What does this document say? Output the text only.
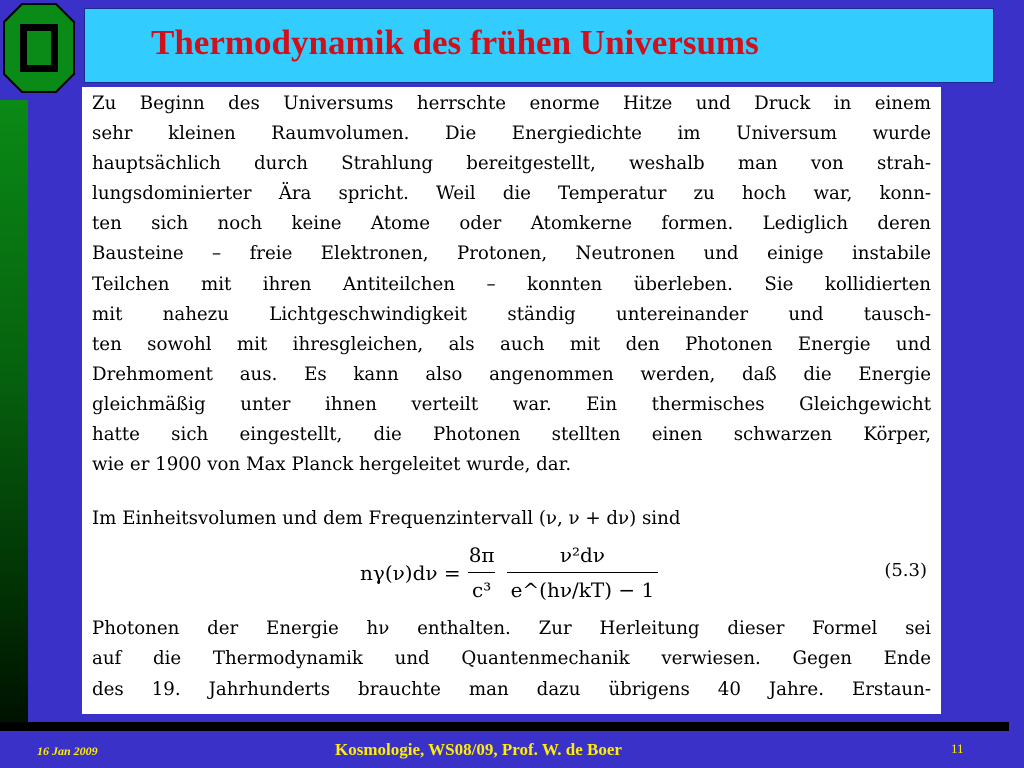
Thermodynamik des frühen Universums
Zu Beginn des Universums herrschte enorme Hitze und Druck in einem
sehr kleinen Raumvolumen. Die Energiedichte im Universum wurde
hauptsächlich durch Strahlung bereitgestellt, weshalb man von strah-
lungsdominierter Ära spricht. Weil die Temperatur zu hoch war, konn-
ten sich noch keine Atome oder Atomkerne formen. Lediglich deren
Bausteine – freie Elektronen, Protonen, Neutronen und einige instabile
Teilchen mit ihren Antiteilchen – konnten überleben. Sie kollidierten
mit nahezu Lichtgeschwindigkeit ständig untereinander und tausch-
ten sowohl mit ihresgleichen, als auch mit den Photonen Energie und
Drehmoment aus. Es kann also angenommen werden, daß die Energie
gleichmäßig unter ihnen verteilt war. Ein thermisches Gleichgewicht
hatte sich eingestellt, die Photonen stellten einen schwarzen Körper,
wie er 1900 von Max Planck hergeleitet wurde, dar.
Im Einheitsvolumen und dem Frequenzintervall (ν, ν + dν) sind
$n\gamma(\nu)d\nu = \frac{8\pi}{\text{c³}} \frac{\text{ν²dν}}{e\^{}(h\nu/kT) - 1}$	(5.3)
Photonen der Energie hν enthalten. Zur Herleitung dieser Formel sei
auf die Thermodynamik und Quantenmechanik verwiesen. Gegen Ende
des 19. Jahrhunderts brauchte man dazu übrigens 40 Jahre. Erstaun-
16 Jan 2009	Kosmologie, WS08/09, Prof. W. de Boer	11
